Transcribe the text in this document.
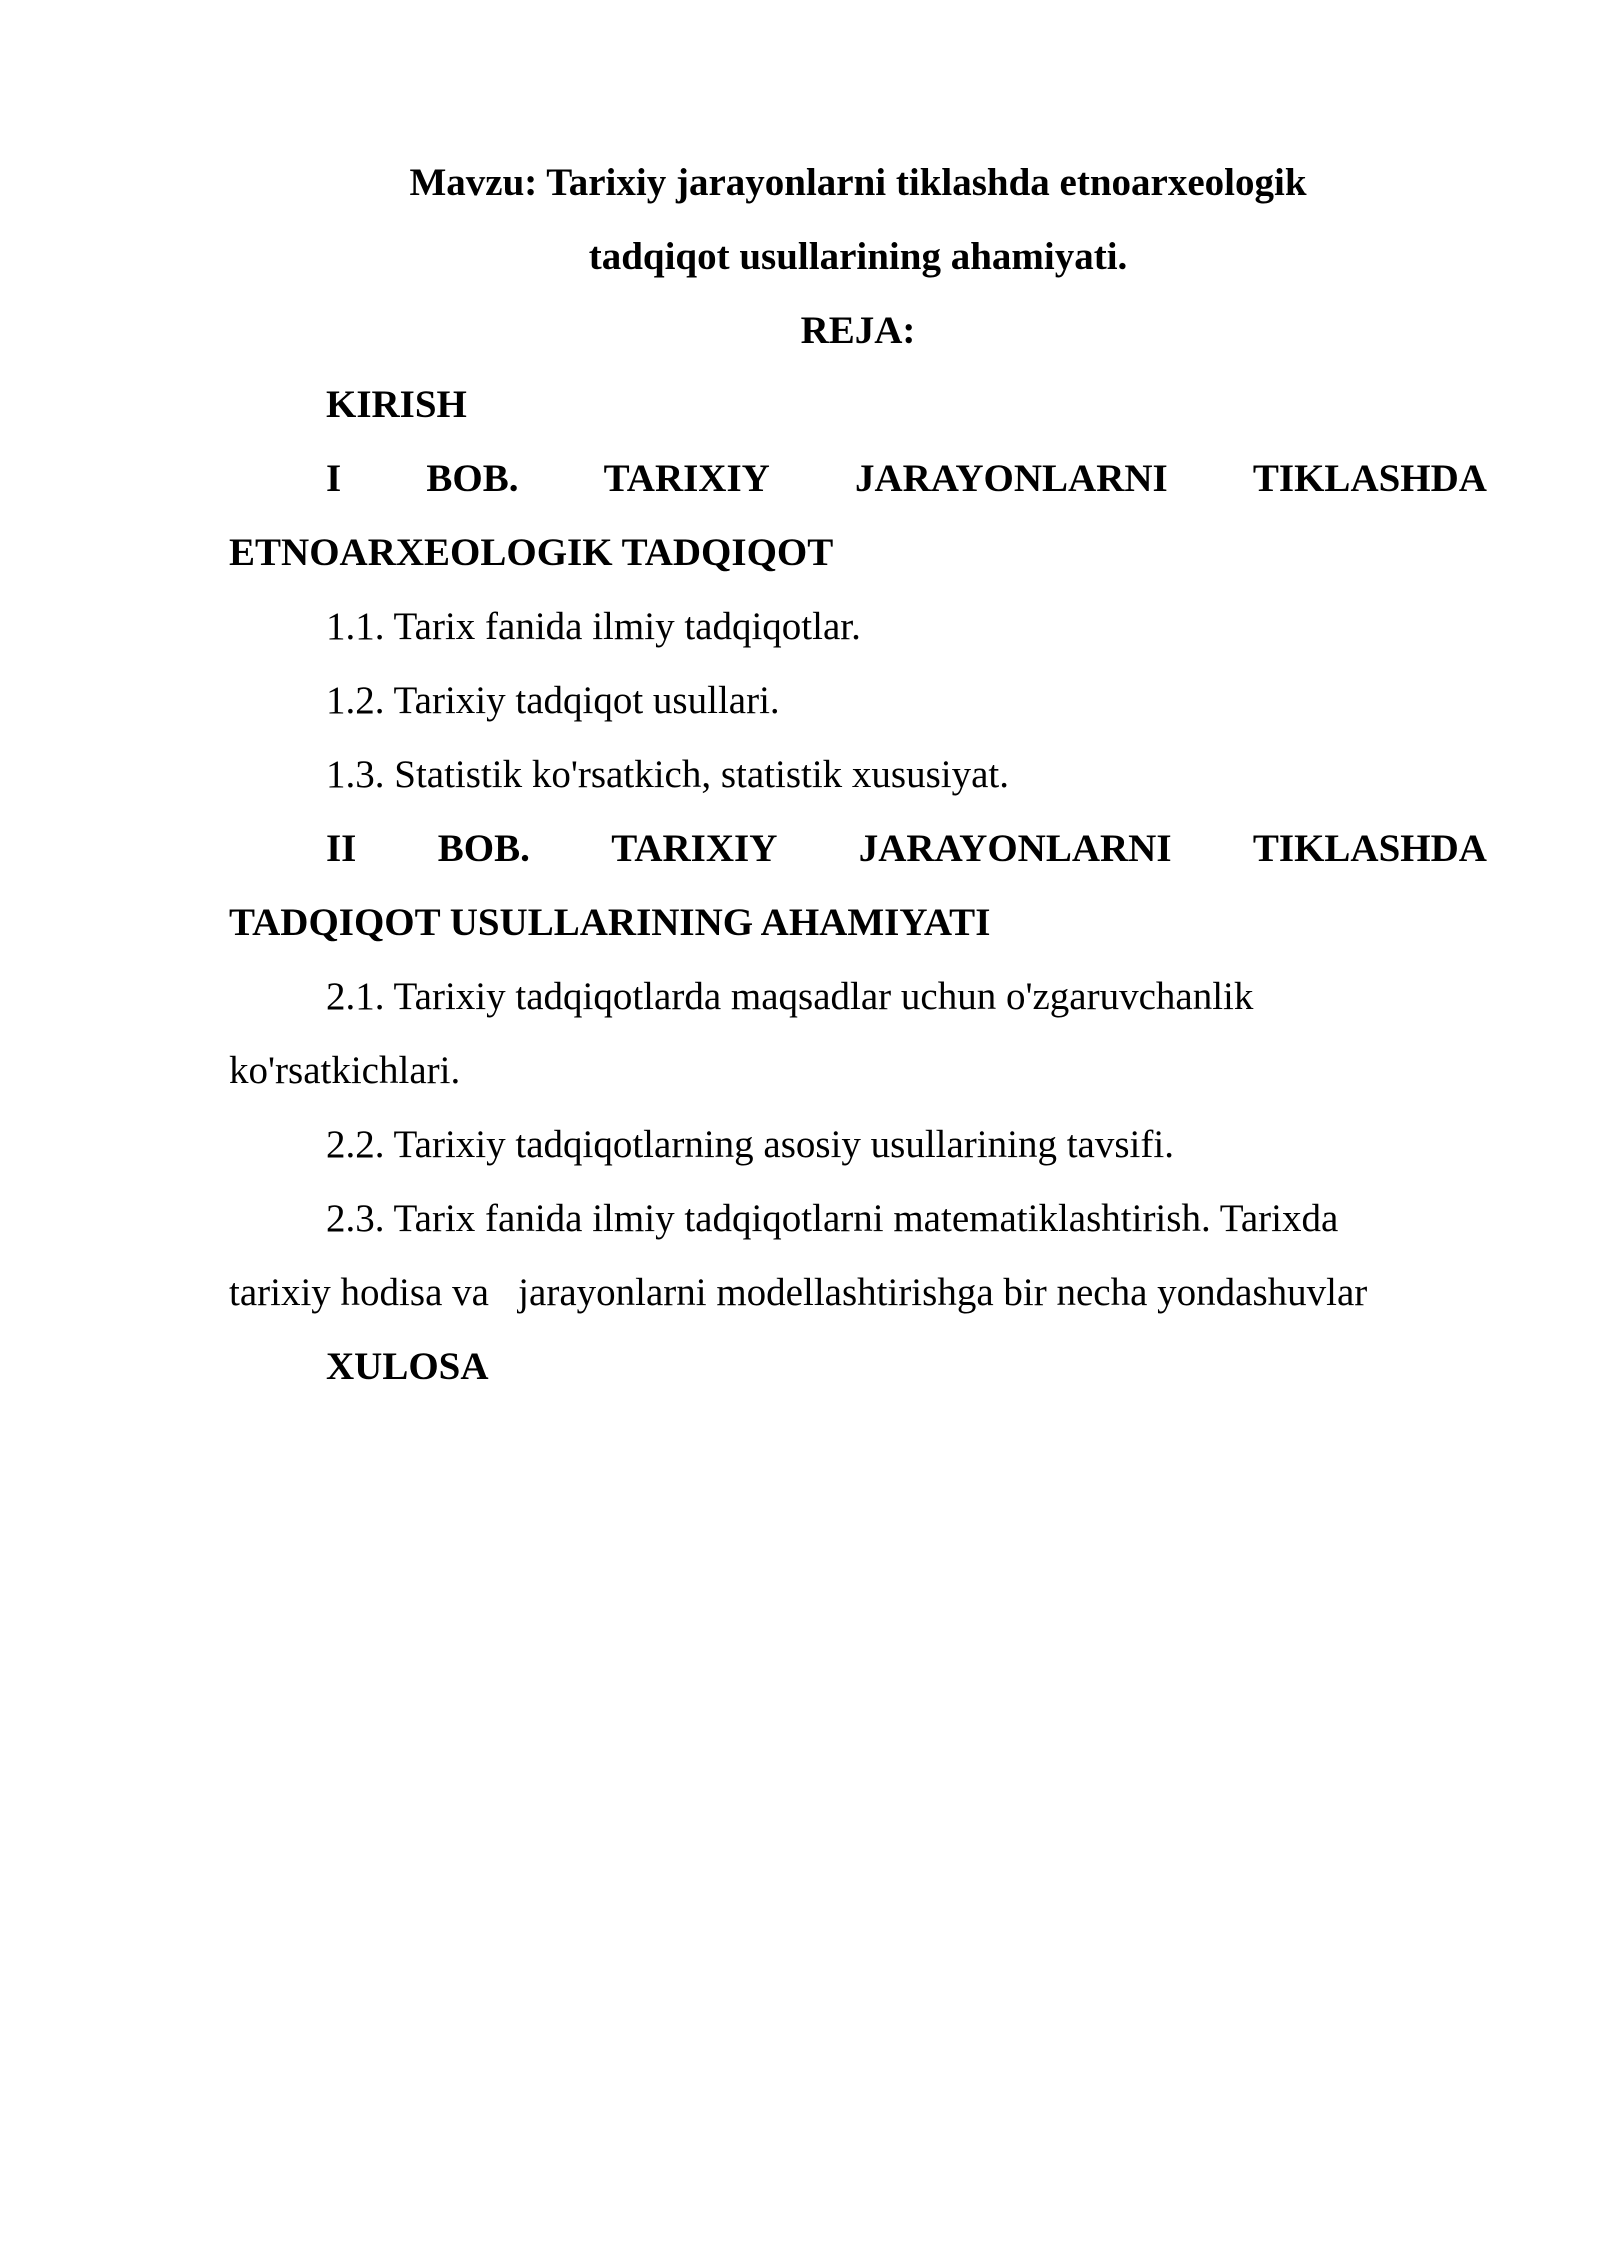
Mavzu: Tarixiy jarayonlarni tiklashda etnoarxeologik
tadqiqot usullarining ahamiyati.
REJA:
KIRISH
I BOB. TARIXIY JARAYONLARNI TIKLASHDA
ETNOARXEOLOGIK TADQIQOT
1.1. Tarix fanida ilmiy tadqiqotlar.
1.2. Tarixiy tadqiqot usullari.
1.3. Statistik ko'rsatkich, statistik xususiyat.
II BOB. TARIXIY JARAYONLARNI TIKLASHDA
TADQIQOT USULLARINING AHAMIYATI
2.1. Tarixiy tadqiqotlarda maqsadlar uchun o'zgaruvchanlik
ko'rsatkichlari.
2.2. Tarixiy tadqiqotlarning asosiy usullarining tavsifi.
2.3. Tarix fanida ilmiy tadqiqotlarni matematiklashtirish. Tarixda
tarixiy hodisa va   jarayonlarni modellashtirishga bir necha yondashuvlar
XULOSA
